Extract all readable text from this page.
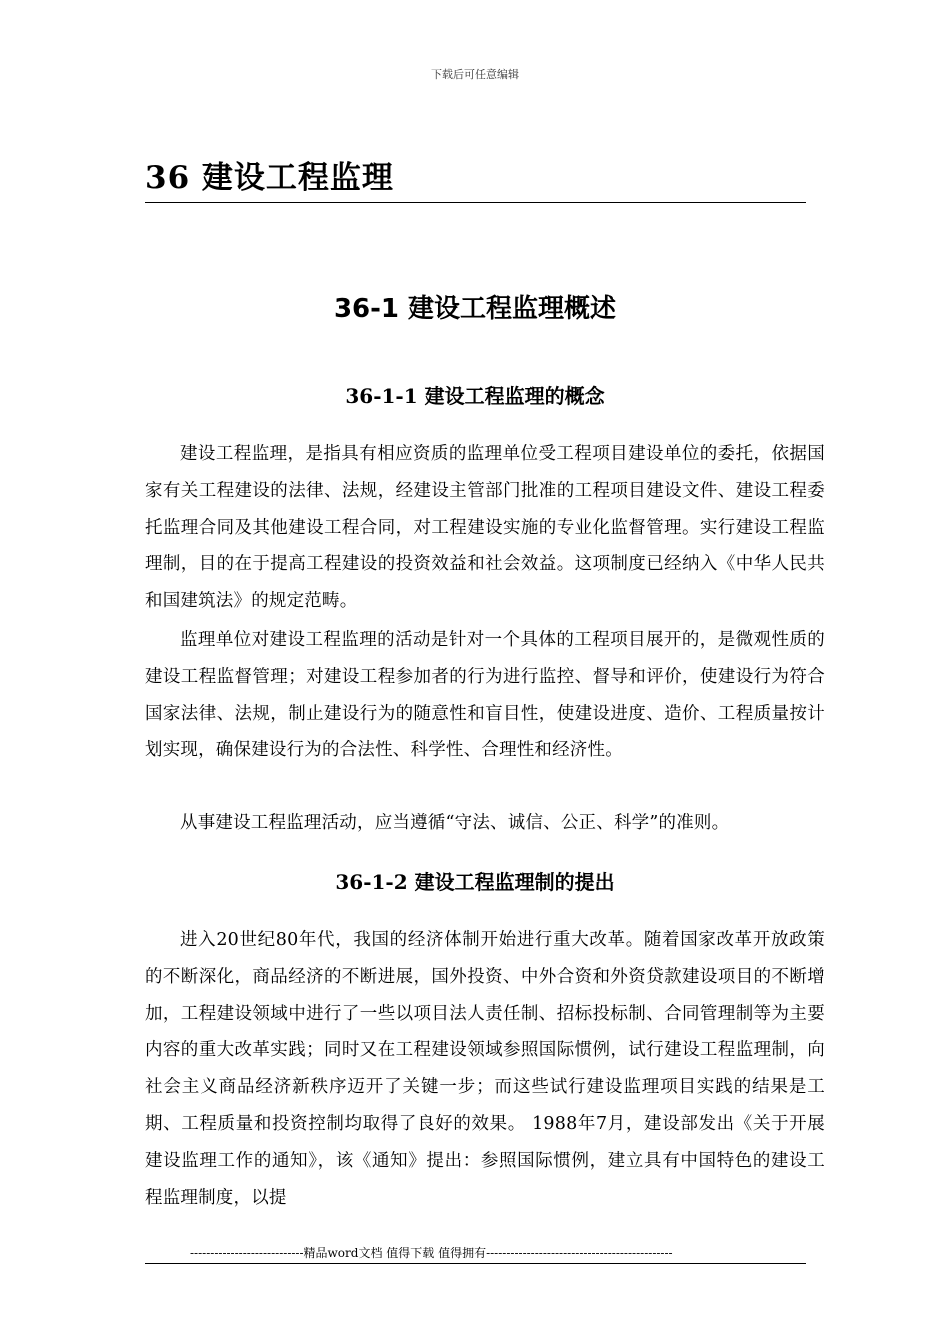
下载后可任意编辑
36 建设工程监理
36-1 建设工程监理概述
36-1-1 建设工程监理的概念

建设工程监理，是指具有相应资质的监理单位受工程项目建设单位的委托，依据国家有关工程建设的法律、法规，经建设主管部门批准的工程项目建设文件、建设工程委托监理合同及其他建设工程合同，对工程建设实施的专业化监督管理。实行建设工程监理制，目的在于提高工程建设的投资效益和社会效益。这项制度已经纳入《中华人民共和国建筑法》的规定范畴。

监理单位对建设工程监理的活动是针对一个具体的工程项目展开的，是微观性质的建设工程监督管理；对建设工程参加者的行为进行监控、督导和评价，使建设行为符合国家法律、法规，制止建设行为的随意性和盲目性，使建设进度、造价、工程质量按计划实现，确保建设行为的合法性、科学性、合理性和经济性。

从事建设工程监理活动，应当遵循“守法、诚信、公正、科学”的准则。

36-1-2 建设工程监理制的提出

进入20世纪80年代，我国的经济体制开始进行重大改革。随着国家改革开放政策的不断深化，商品经济的不断进展，国外投资、中外合资和外资贷款建设项目的不断增加，工程建设领域中进行了一些以项目法人责任制、招标投标制、合同管理制等为主要内容的重大改革实践；同时又在工程建设领域参照国际惯例，试行建设工程监理制，向社会主义商品经济新秩序迈开了关键一步；而这些试行建设监理项目实践的结果是工期、工程质量和投资控制均取得了良好的效果。 1988年7月，建设部发出《关于开展建设监理工作的通知》，该《通知》提出：参照国际惯例，建立具有中国特色的建设工程监理制度，以提

----------------------------精品word文档 值得下载 值得拥有----------------------------------------------
